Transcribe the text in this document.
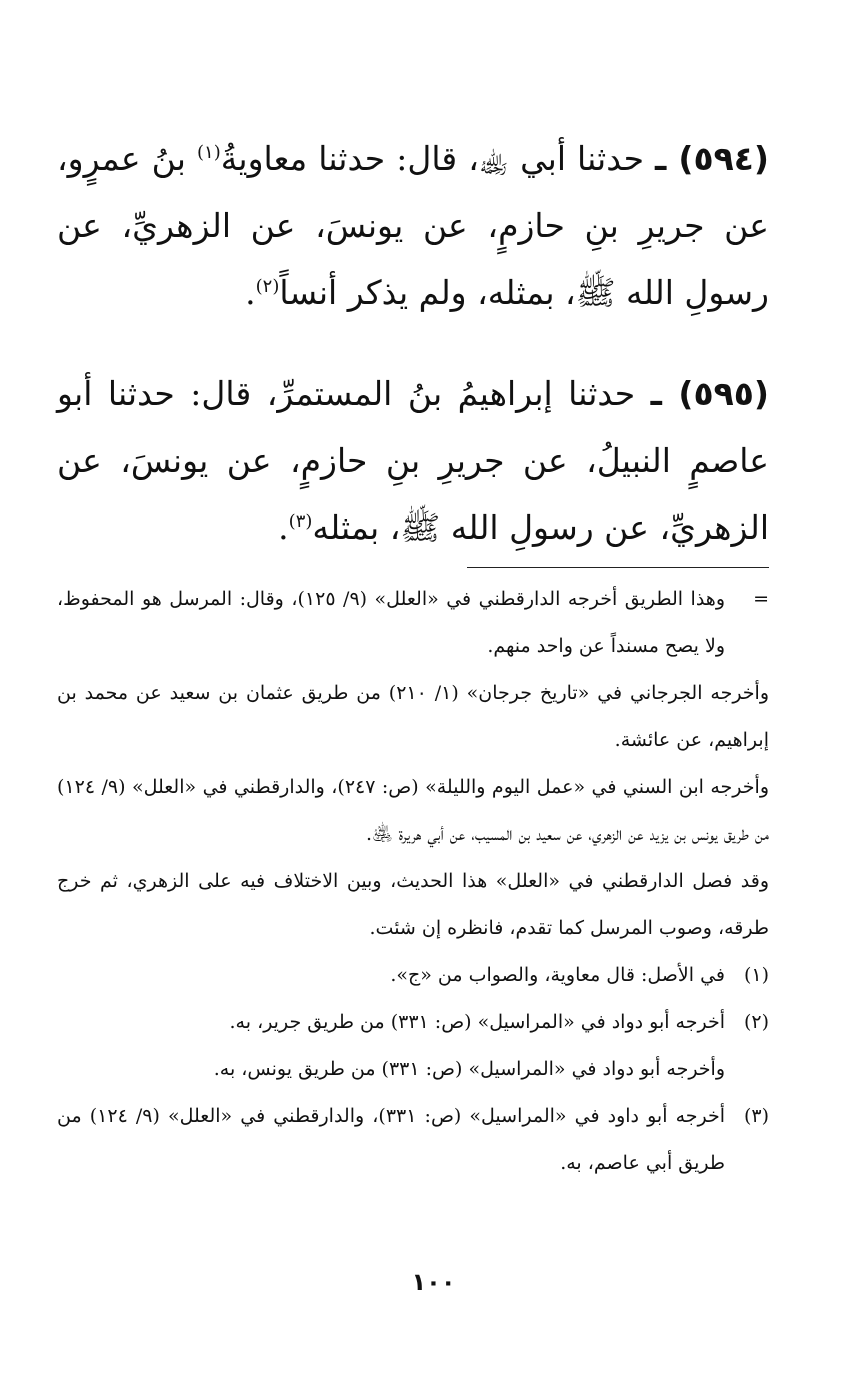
(٥٩٤) ـ حدثنا أبي ﵀، قال: حدثنا معاويةُ$^{(١)}$ بنُ عمرٍو، عن جريرِ بنِ حازمٍ، عن يونسَ، عن الزهريِّ، عن رسولِ الله ﷺ، بمثله، ولم يذكر أنساً$^{(٢)}$.

(٥٩٥) ـ حدثنا إبراهيمُ بنُ المستمرِّ، قال: حدثنا أبو عاصمٍ النبيلُ، عن جريرِ بنِ حازمٍ، عن يونسَ، عن الزهريِّ، عن رسولِ الله ﷺ، بمثله$^{(٣)}$.

=
وهذا الطريق أخرجه الدارقطني في «العلل» (٩/ ١٢٥)، وقال: المرسل هو المحفوظ، ولا يصح مسنداً عن واحد منهم.

وأخرجه الجرجاني في «تاريخ جرجان» (١/ ٢١٠) من طريق عثمان بن سعيد عن محمد بن إبراهيم، عن عائشة.

وأخرجه ابن السني في «عمل اليوم والليلة» (ص: ٢٤٧)، والدارقطني في «العلل» (٩/ ١٢٤) من طريق يونس بن يزيد عن الزهري، عن سعيد بن المسيب، عن أبي هريرة ﵁.

وقد فصل الدارقطني في «العلل» هذا الحديث، وبين الاختلاف فيه على الزهري، ثم خرج طرقه، وصوب المرسل كما تقدم، فانظره إن شئت.

(١)
في الأصل: قال معاوية، والصواب من «ج».
(٢)
أخرجه أبو دواد في «المراسيل» (ص: ٣٣١) من طريق جرير، به.

وأخرجه أبو دواد في «المراسيل» (ص: ٣٣١) من طريق يونس، به.

(٣)
أخرجه أبو داود في «المراسيل» (ص: ٣٣١)، والدارقطني في «العلل» (٩/ ١٢٤) من طريق أبي عاصم، به.
١٠٠
